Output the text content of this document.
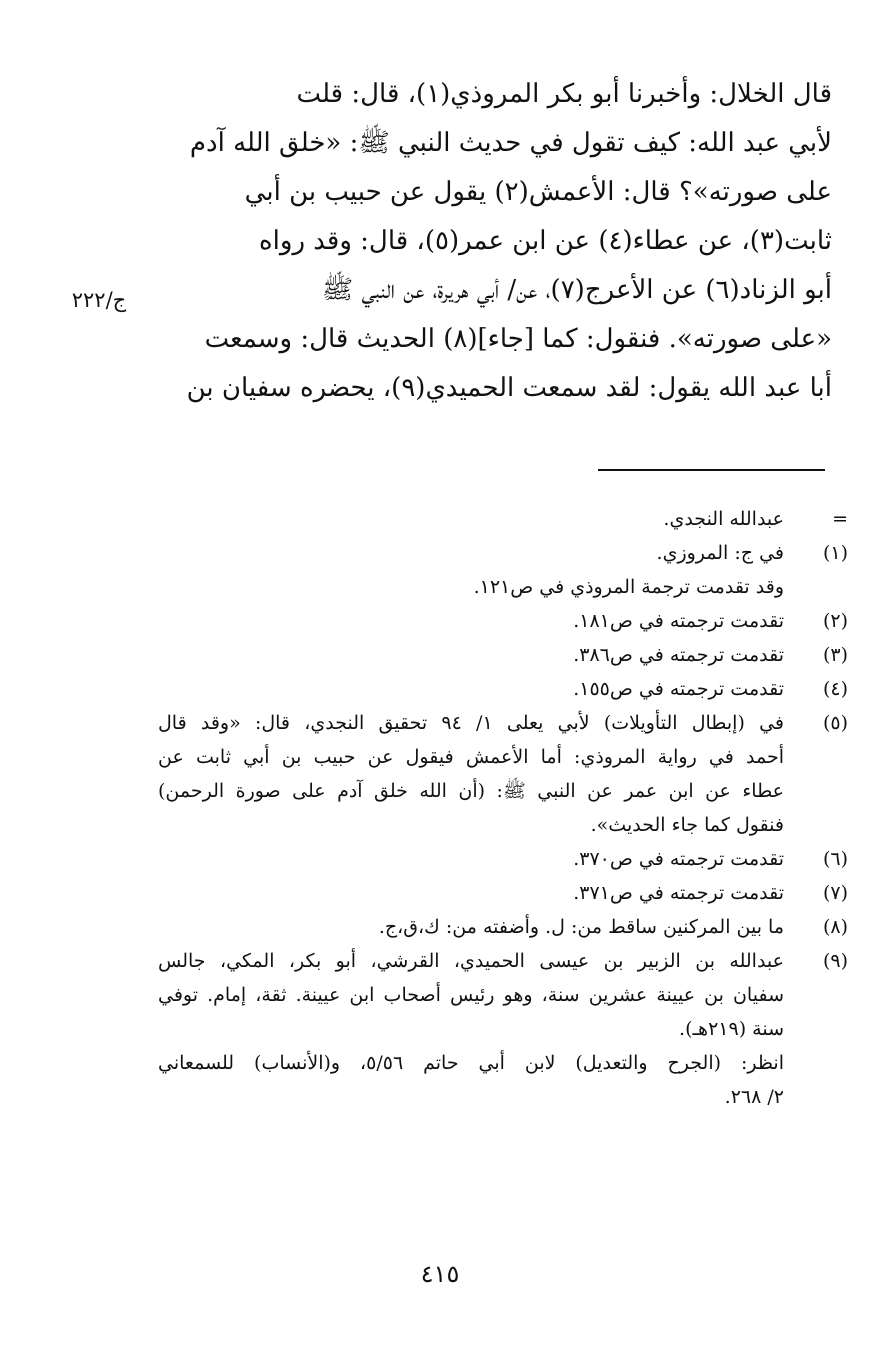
قال الخلال: وأخبرنا أبو بكر المروذي(١)، قال: قلت
لأبي عبد الله: كيف تقول في حديث النبي ﷺ: «خلق الله آدم
على صورته»؟ قال: الأعمش(٢) يقول عن حبيب بن أبي
ثابت(٣)، عن عطاء(٤) عن ابن عمر(٥)، قال: وقد رواه
أبو الزناد(٦) عن الأعرج(٧)، عن/ أبي هريرة، عن النبي ﷺ
«على صورته». فنقول: كما [جاء](٨) الحديث قال: وسمعت
أبا عبد الله يقول: لقد سمعت الحميدي(٩)، يحضره سفيان بن
ج/٢٢٢
=
عبدالله النجدي.
(١)
في ج: المروزي.
وقد تقدمت ترجمة المروذي في ص١٢١.
(٢)
تقدمت ترجمته في ص١٨١.
(٣)
تقدمت ترجمته في ص٣٨٦.
(٤)
تقدمت ترجمته في ص١٥٥.
(٥)
في (إبطال التأويلات) لأبي يعلى ١/ ٩٤ تحقيق النجدي، قال: «وقد قال
أحمد في رواية المروذي: أما الأعمش فيقول عن حبيب بن أبي ثابت عن
عطاء عن ابن عمر عن النبي ﷺ: (أن الله خلق آدم على صورة الرحمن)
فنقول كما جاء الحديث».
(٦)
تقدمت ترجمته في ص٣٧٠.
(٧)
تقدمت ترجمته في ص٣٧١.
(٨)
ما بين المركنين ساقط من: ل. وأضفته من: ك،ق،ج.
(٩)
عبدالله بن الزبير بن عيسى الحميدي، القرشي، أبو بكر، المكي، جالس
سفيان بن عيينة عشرين سنة، وهو رئيس أصحاب ابن عيينة. ثقة، إمام. توفي
سنة (٢١٩هـ).
انظر: (الجرح والتعديل) لابن أبي حاتم ٥/٥٦، و(الأنساب) للسمعاني
٢/ ٢٦٨.
٤١٥
